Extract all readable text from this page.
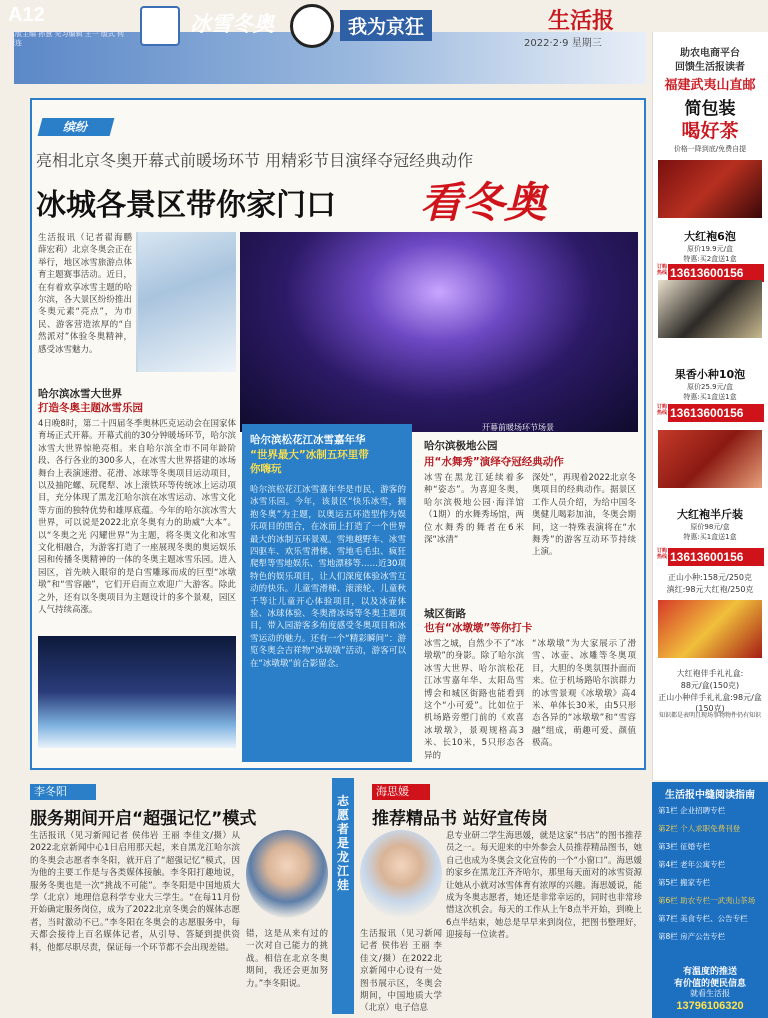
A12
本版主编 孙慧 见习编辑 王一 版式 何海连
冰雪冬奥	我为京狂	生活报
2022·2·9 星期三
缤纷
亮相北京冬奥开幕式前暖场环节 用精彩节目演绎夺冠经典动作
冰城各景区带你家门口 看冬奥
生活报讯（记者翟海鹏 薛宏莉）北京冬奥会正在举行，地区冰雪旅游点体育主题赛事活动。近日，在有着欢享冰雪主题的哈尔滨，各大景区纷纷推出冬奥元素“亮点”，为市民、游客营造浓厚的“自然派对”体验冬奥精神，感受冰雪魅力。
开幕前暖场环节场景
哈尔滨冰雪大世界
打造冬奥主题冰雪乐园
4日晚8时，第二十四届冬季奥林匹克运动会在国家体育场正式开幕。开幕式前的30分钟暖场环节，哈尔滨冰雪大世界惊艳亮相。来自哈尔滨全市不同年龄阶段、各行各业的300多人，在冰雪大世界搭建的冰场舞台上表演速滑、花滑、冰球等冬奥项目运动项目，以及抽陀螺、玩爬犁、冰上滚铁环等传统冰上运动项目，充分体现了黑龙江哈尔滨在冰雪运动、冰雪文化等方面的独特优势和雄厚底蕴。今年的哈尔滨冰雪大世界，可以说是2022北京冬奥有力的助威“大本”。以“冬奥之光 闪耀世界”为主题，将冬奥文化和冰雪文化相融合，为游客打造了一座展现冬奥的奥运娱乐园和传播冬奥精神的一体的冬奥主题冰雪乐园。进入园区，首先映入眼帘的是白雪雕琢而成的巨型“冰墩墩”和“雪容融”，它们开启而立欢迎广大游客。除此之外，还有以冬奥项目为主题设计的多个景观，园区人气持续高涨。
哈尔滨松花江冰雪嘉年华
“世界最大”冰制五环里带你嗨玩
哈尔滨松花江冰雪嘉年华是市民、游客的冰雪乐园。今年，该景区“快乐冰雪，拥抱冬奥”为主题，以奥运五环造型作为娱乐项目的围合，在冰面上打造了一个世界最大的冰制五环景观。雪地越野车、冰雪四驱车、欢乐雪滑梯、雪地毛毛虫、疯狂爬犁等雪地娱乐、雪地漂移等……近30项特色的娱乐项目，让人们深度体验冰雪互动的快乐。儿童雪滑梯、滚滚轮、儿童秋千等让儿童开心体验项目，以及冰壶体验、冰球体验、冬奥滑冰场等冬奥主题项目，带入园游客多角度感受冬奥项目和冰雪运动的魅力。还有一个“精彩瞬间”：游览冬奥会吉祥物“冰墩墩”活动，游客可以在“冰墩墩”前合影留念。
哈尔滨极地公园
用“水舞秀”演绎夺冠经典动作
冰雪在黑龙江延续着多种“姿态”。为喜迎冬奥，哈尔滨极地公园·海洋馆（1期）的水舞秀场馆，两位水舞秀的舞者在6米深“冰清”
深处”，再现着2022北京冬奥项目的经典动作。据景区工作人员介绍，为给中国冬奥健儿喝彩加油，冬奥会期间，这一特殊表演将在“水舞秀”的游客互动环节持续上演。
城区街路
也有“冰墩墩”等你打卡
冰雪之城，自然少不了“冰墩墩”的身影。除了哈尔滨冰雪大世界、哈尔滨松花江冰雪嘉年华、太阳岛雪博会和城区街路也能看到这个“小可爱”。比如位于机场路旁塑门前的《欢喜冰墩墩》，景观规格高3米、长10米，5只形态各异的
“冰墩墩”为大家展示了滑雪、冰壶、冰雕等冬奥项目，大胆的冬奥氛围扑面而来。位于机场路哈尔滨群力的冰雪景观《冰墩墩》高4米、单体长30米，由5只形态各异的“冰墩墩”和“雪容融”组成，萌趣可爱、颜值极高。
李冬阳
服务期间开启“超强记忆”模式
生活报讯（见习新闻记者 侯伟岩 王丽 李佳文/摄）从2022北京新闻中心1日启用那天起，来自黑龙江哈尔滨的冬奥会志愿者李冬阳，就开启了“超强记忆”模式，因为他的主要工作是与各类媒体接触。李冬阳打趣地说，服务冬奥也是一次“挑战不可能”。李冬阳是中国地质大学（北京）地理信息科学专业大三学生。“在每11月份开始确定服务岗位，成为了2022北京冬奥会的媒体志愿者，当时激动不已。”李冬阳在冬奥会的志愿服务中，每天都会接待上百名媒体记者，从引导、答疑到提供资料，他都尽职尽责，保证每一个环节都不会出现差错。
错，这是从来有过的一次对自己能力的挑战。相信在北京冬奥期间，我还会更加努力。”李冬阳说。
志愿者是龙江娃
海思媛
推荐精品书 站好宣传岗
生活报讯（见习新闻记者 侯伟岩 王丽 李佳文/摄）在2022北京新闻中心设有一处图书展示区，冬奥会期间，中国地质大学（北京）电子信息
息专业研二学生海思媛，就是这家“书店”的图书推荐员之一。每天迎来的中外参会人员推荐精品图书，她自己也成为冬奥会文化宣传的一个“小窗口”。海思媛的家乡在黑龙江齐齐哈尔，那里每天面对的冰雪资源让她从小就对冰雪体育有浓厚的兴趣。海思媛说，能成为冬奥志愿者，她还是非常幸运的，同时也非常珍惜这次机会。每天的工作从上午8点半开始，到晚上6点半结束，她总是早早来到岗位，把图书整理好，迎接每一位读者。
助农电商平台
回馈生活报读者
福建武夷山直邮
简包装
喝好茶
价格一降到底/免费自提
大红袍6泡
原价19.9元/盒
特惠:买2盒送1盒
订购热线 13613600156
果香小种10泡
原价25.9元/盒
特惠:买1盒送1盒
订购热线 13613600156
大红袍半斤装
原价98元/盒
特惠:买1盒送1盒
订购热线 13613600156
正山小种:158元/250克
滇红:98元大红袍/250克
大红袍伴手礼礼盒:
88元/盒(150克)
正山小种伴手礼礼盒:98元/盒(150克)
知识都是表明且现场事物物件仍有知识
生活报中缝阅读指南
第1栏 企业招聘专栏
第2栏 个人求职免费刊登
第3栏 征婚专栏
第4栏 老年公寓专栏
第5栏 搬家专栏
第6栏 助农专栏一武夷山茶场
第7栏 美食专栏、公告专栏
第8栏 房产公告专栏
有温度的推送
有价值的便民信息
就看生活报
13796106320
